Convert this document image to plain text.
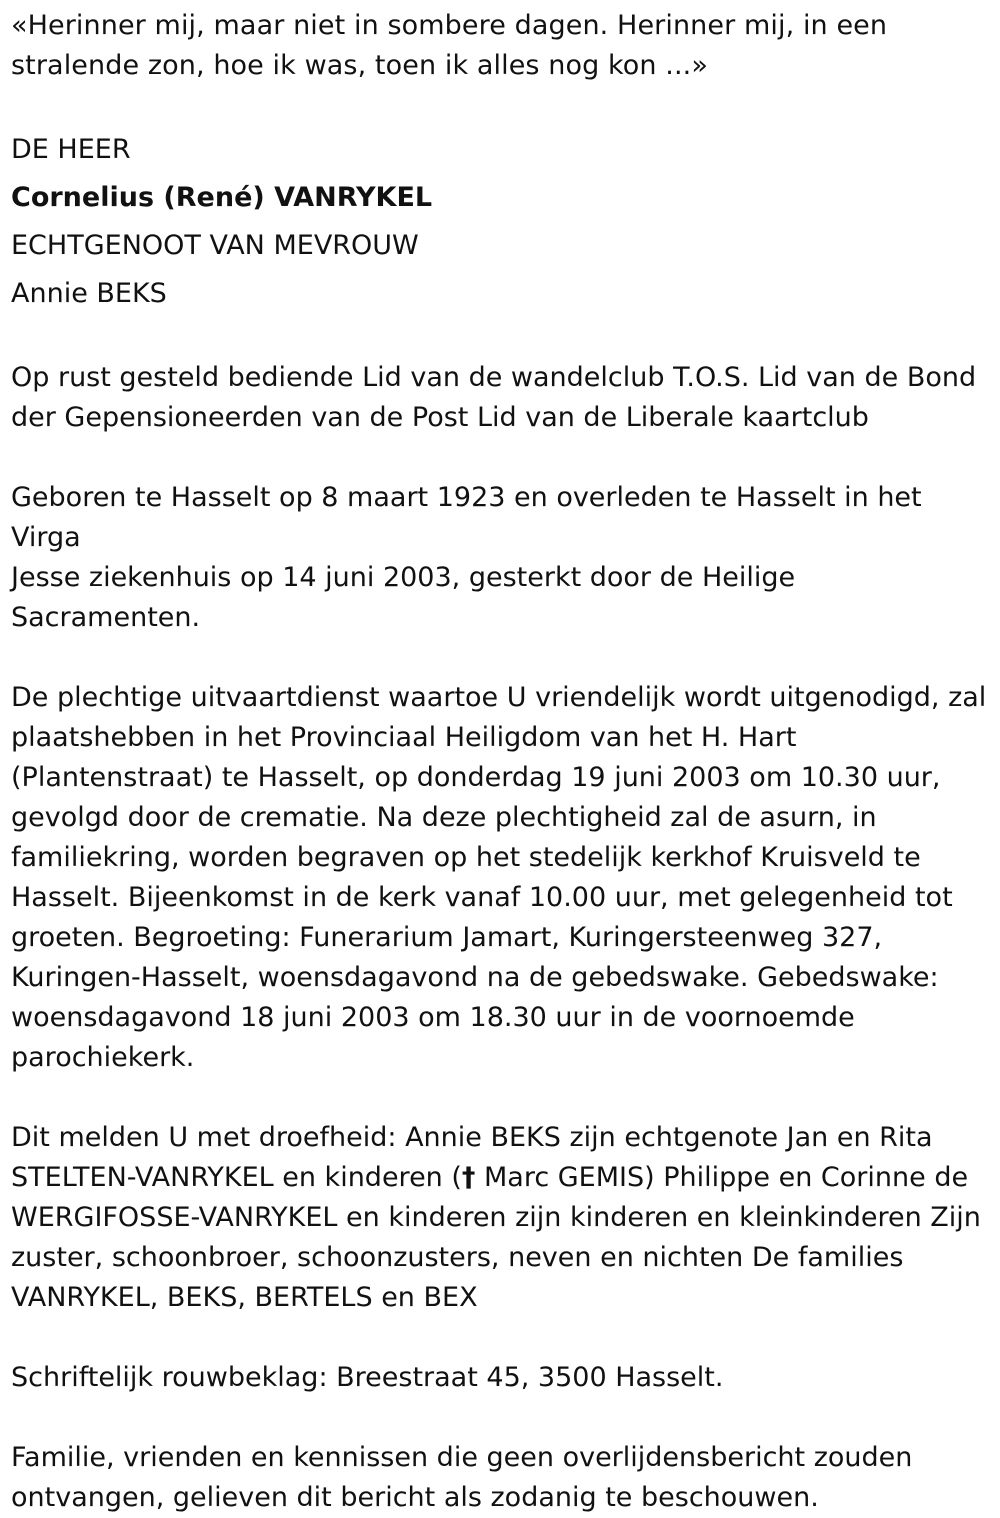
«Herinner mij, maar niet in sombere dagen. Herinner mij, in een

stralende zon, hoe ik was, toen ik alles nog kon ...»

DE HEER

Cornelius (René) VANRYKEL

ECHTGENOOT VAN MEVROUW

Annie BEKS

Op rust gesteld bediende Lid van de wandelclub T.O.S. Lid van de Bond

der Gepensioneerden van de Post Lid van de Liberale kaartclub

Geboren te Hasselt op 8 maart 1923 en overleden te Hasselt in het Virga

Jesse ziekenhuis op 14 juni 2003, gesterkt door de Heilige Sacramenten.

De plechtige uitvaartdienst waartoe U vriendelijk wordt uitgenodigd, zal

plaatshebben in het Provinciaal Heiligdom van het H. Hart

(Plantenstraat) te Hasselt, op donderdag 19 juni 2003 om 10.30 uur,

gevolgd door de crematie. Na deze plechtigheid zal de asurn, in

familiekring, worden begraven op het stedelijk kerkhof Kruisveld te

Hasselt. Bijeenkomst in de kerk vanaf 10.00 uur, met gelegenheid tot

groeten. Begroeting: Funerarium Jamart, Kuringersteenweg 327,

Kuringen-Hasselt, woensdagavond na de gebedswake. Gebedswake:

woensdagavond 18 juni 2003 om 18.30 uur in de voornoemde

parochiekerk.

Dit melden U met droefheid: Annie BEKS zijn echtgenote Jan en Rita

STELTEN-VANRYKEL en kinderen († Marc GEMIS) Philippe en Corinne de

WERGIFOSSE-VANRYKEL en kinderen zijn kinderen en kleinkinderen Zijn

zuster, schoonbroer, schoonzusters, neven en nichten De families

VANRYKEL, BEKS, BERTELS en BEX

Schriftelijk rouwbeklag: Breestraat 45, 3500 Hasselt.

Familie, vrienden en kennissen die geen overlijdensbericht zouden

ontvangen, gelieven dit bericht als zodanig te beschouwen.
